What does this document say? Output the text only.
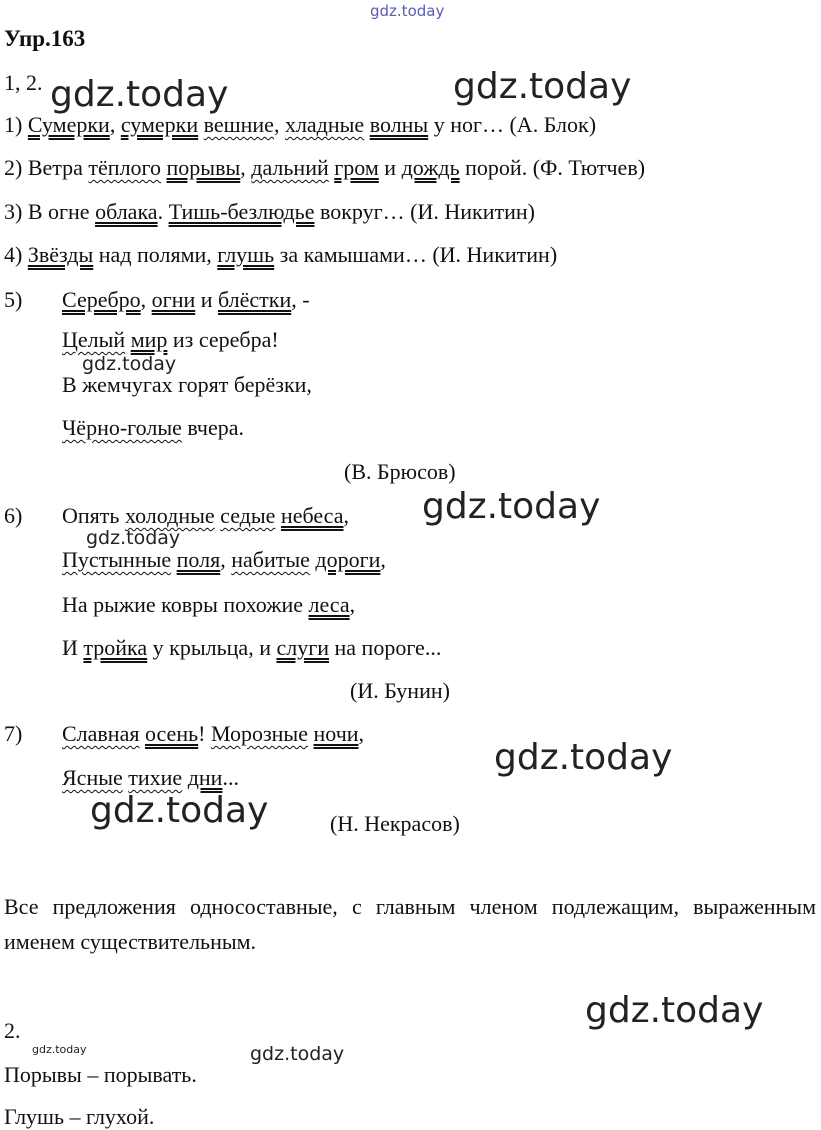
gdz.today
gdz.today	gdz.today
gdz.today
gdz.today
gdz.today
gdz.today
gdz.today
gdz.today
gdz.today	gdz.today
Упр.163
1, 2.
1) Сумерки, сумерки вешние, хладные волны у ног… (А. Блок)
2) Ветра тёплого порывы, дальний гром и дождь порой. (Ф. Тютчев)
3) В огне облака. Тишь-безлюдье вокруг… (И. Никитин)
4) Звёзды над полями, глушь за камышами… (И. Никитин)
5) Серебро, огни и блёстки, -
Целый мир из серебра!
В жемчугах горят берёзки,
Чёрно-голые вчера.
(В. Брюсов)
6) Опять холодные седые небеса,
Пустынные поля, набитые дороги,
На рыжие ковры похожие леса,
И тройка у крыльца, и слуги на пороге...
(И. Бунин)
7) Славная осень! Морозные ночи,
Ясные тихие дни...
(Н. Некрасов)
Все предложения односоставные, с главным членом подлежащим, выраженным именем существительным.
2.
Порывы – порывать.
Глушь – глухой.
